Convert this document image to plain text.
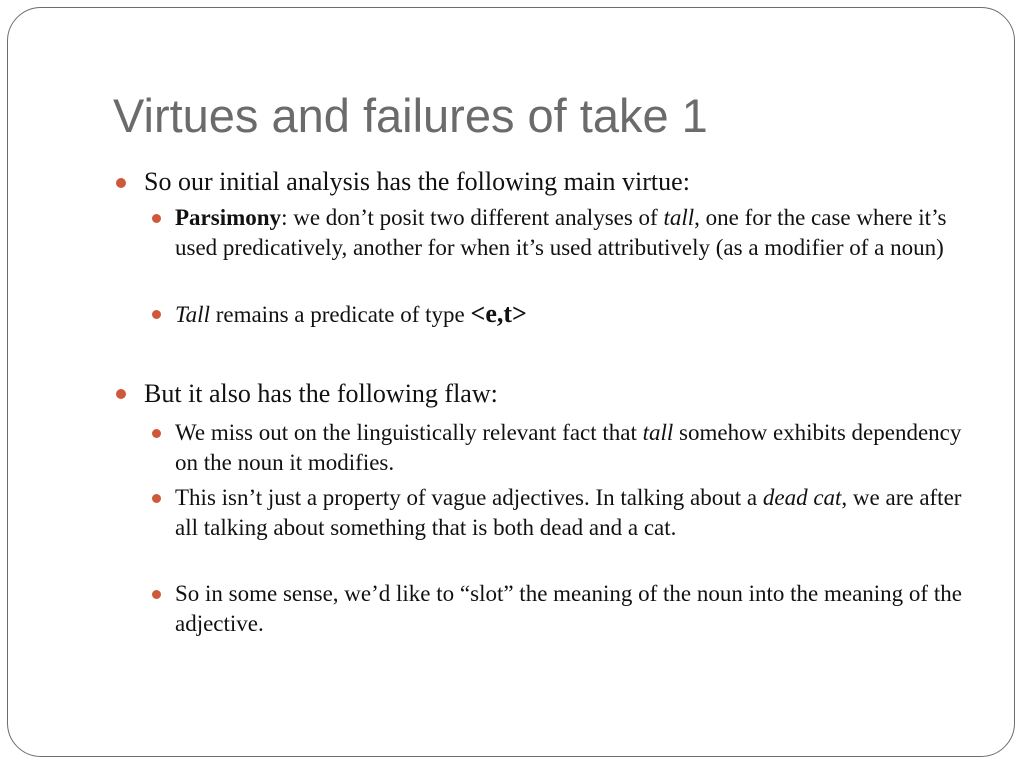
Virtues and failures of take 1

So our initial analysis has the following main virtue:

Parsimony: we don’t posit two different analyses of tall, one for the case where it’s used predicatively, another for when it’s used attributively (as a modifier of a noun)

Tall remains a predicate of type <e,t>

But it also has the following flaw:

We miss out on the linguistically relevant fact that tall somehow exhibits dependency on the noun it modifies.

This isn’t just a property of vague adjectives. In talking about a dead cat, we are after all talking about something that is both dead and a cat.

So in some sense, we’d like to “slot” the meaning of the noun into the meaning of the adjective.
